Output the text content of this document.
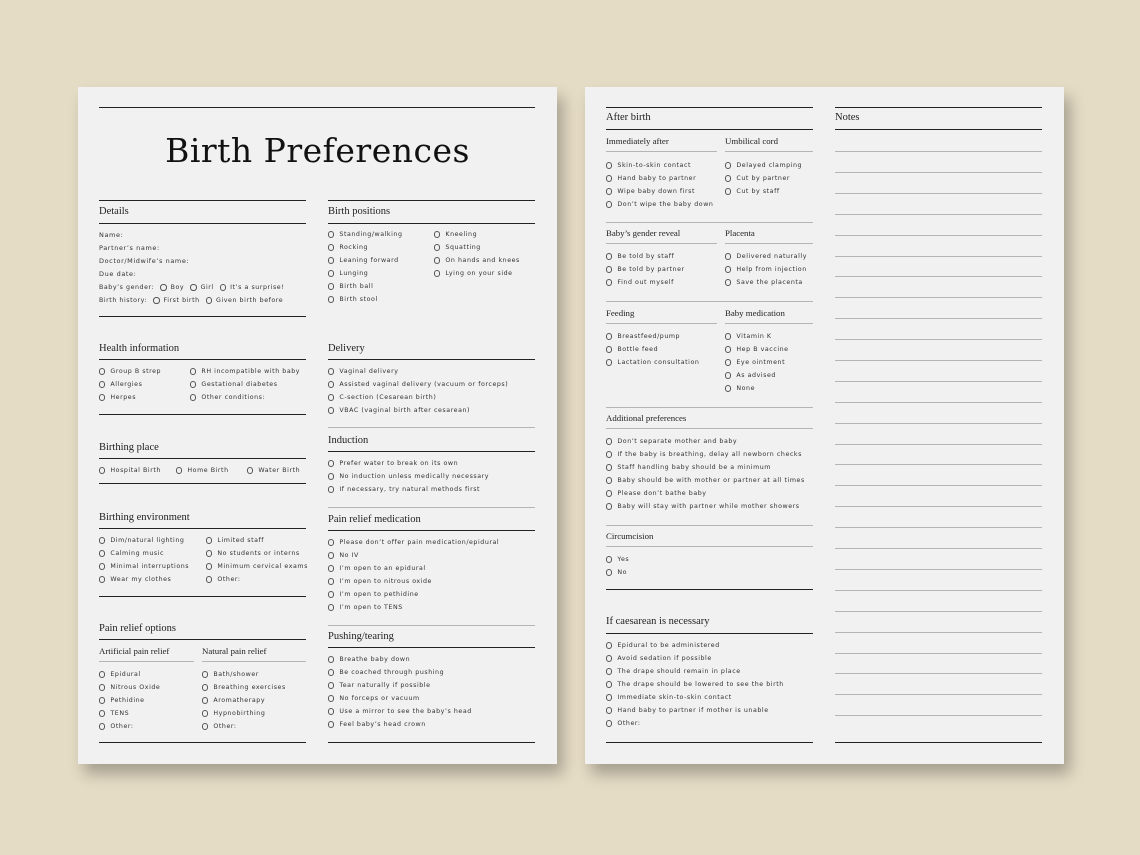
Birth Preferences
Details
Name:
Partner’s name:
Doctor/Midwife’s name:
Due date:
Baby’s gender:	Boy	Girl	It’s a surprise!
Birth history:	First birth	Given birth before
Birth positions
Standing/walking
Rocking
Leaning forward
Lunging
Birth ball
Birth stool
Kneeling
Squatting
On hands and knees
Lying on your side
Health information
Group B strep
Allergies
Herpes
RH incompatible with baby
Gestational diabetes
Other conditions:
Delivery
Vaginal delivery
Assisted vaginal delivery (vacuum or forceps)
C-section (Cesarean birth)
VBAC (vaginal birth after cesarean)
Birthing place
Hospital Birth	Home Birth	Water Birth
Induction
Prefer water to break on its own
No induction unless medically necessary
If necessary, try natural methods first
Birthing environment
Dim/natural lighting
Calming music
Minimal interruptions
Wear my clothes
Limited staff
No students or interns
Minimum cervical exams
Other:
Pain relief medication
Please don’t offer pain medication/epidural
No IV
I’m open to an epidural
I’m open to nitrous oxide
I’m open to pethidine
I’m open to TENS
Pain relief options
Artificial pain relief	Natural pain relief
Epidural
Nitrous Oxide
Pethidine
TENS
Other:
Bath/shower
Breathing exercises
Aromatherapy
Hypnobirthing
Other:
Pushing/tearing
Breathe baby down
Be coached through pushing
Tear naturally if possible
No forceps or vacuum
Use a mirror to see the baby’s head
Feel baby’s head crown
After birth	Notes
Immediately after	Umbilical cord
Skin-to-skin contact
Hand baby to partner
Wipe baby down first
Don’t wipe the baby down
Delayed clamping
Cut by partner
Cut by staff
Baby’s gender reveal	Placenta
Be told by staff
Be told by partner
Find out myself
Delivered naturally
Help from injection
Save the placenta
Feeding	Baby medication
Breastfeed/pump
Bottle feed
Lactation consultation
Vitamin K
Hep B vaccine
Eye ointment
As advised
None
Additional preferences
Don’t separate mother and baby
If the baby is breathing, delay all newborn checks
Staff handling baby should be a minimum
Baby should be with mother or partner at all times
Please don’t bathe baby
Baby will stay with partner while mother showers
Circumcision
Yes
No
If caesarean is necessary
Epidural to be administered
Avoid sedation if possible
The drape should remain in place
The drape should be lowered to see the birth
Immediate skin-to-skin contact
Hand baby to partner if mother is unable
Other:
